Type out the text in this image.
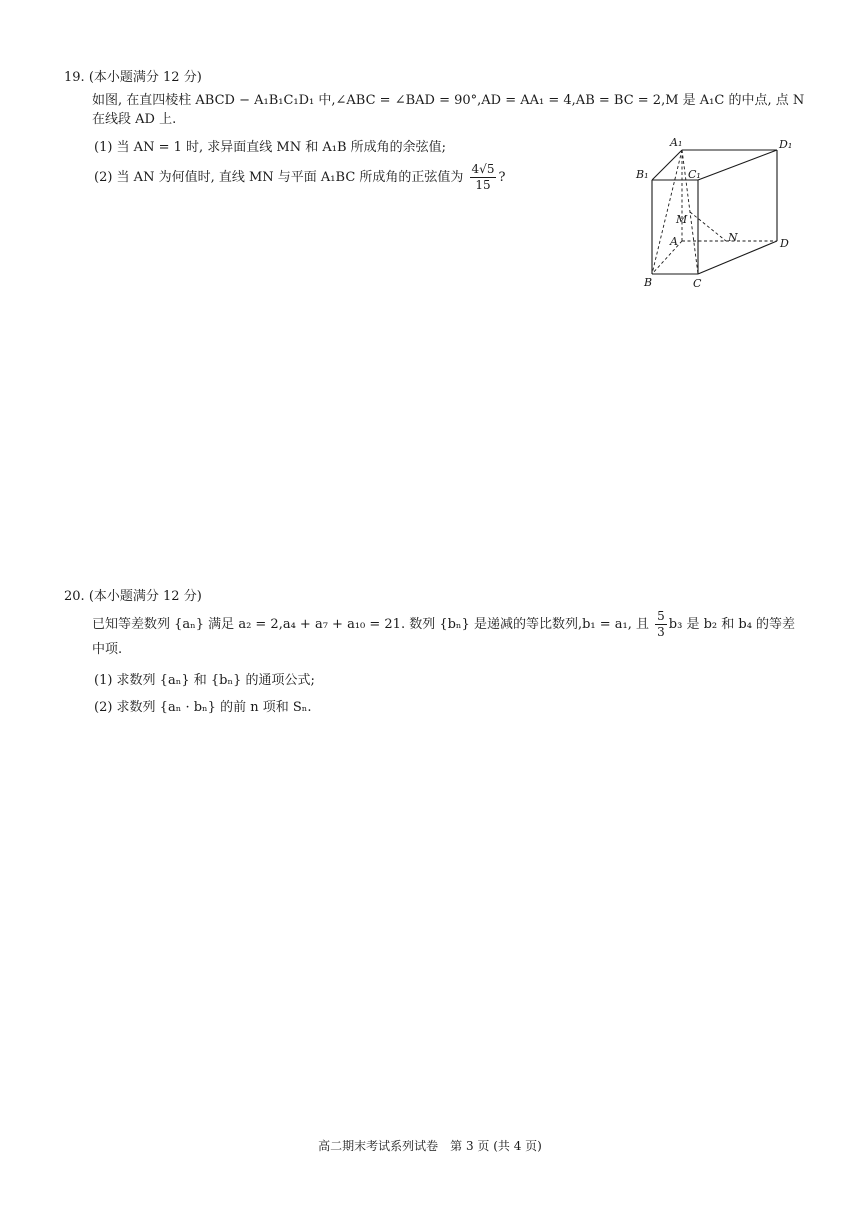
19. (本小题满分 12 分)
如图, 在直四棱柱 ABCD − A₁B₁C₁D₁ 中,∠ABC = ∠BAD = 90°,AD = AA₁ = 4,AB = BC = 2,M 是 A₁C 的中点, 点 N
在线段 AD 上.
(1) 当 AN = 1 时, 求异面直线 MN 和 A₁B 所成角的余弦值;
(2) 当 AN 为何值时, 直线 MN 与平面 A₁BC 所成角的正弦值为 $\frac{4√5}{15}$ ?
A₁	D₁
B₁	C₁
M
A	N	D
B	C
20. (本小题满分 12 分)
已知等差数列 {aₙ} 满足 a₂ = 2,a₄ + a₇ + a₁₀ = 21. 数列 {bₙ} 是递减的等比数列,b₁ = a₁, 且 $\frac{5}{3} b_3$ 是 b₂ 和 b₄ 的等差
中项.
(1) 求数列 {aₙ} 和 {bₙ} 的通项公式;
(2) 求数列 {aₙ · bₙ} 的前 n 项和 Sₙ.
高二期末考试系列试卷　第 3 页 (共 4 页)
